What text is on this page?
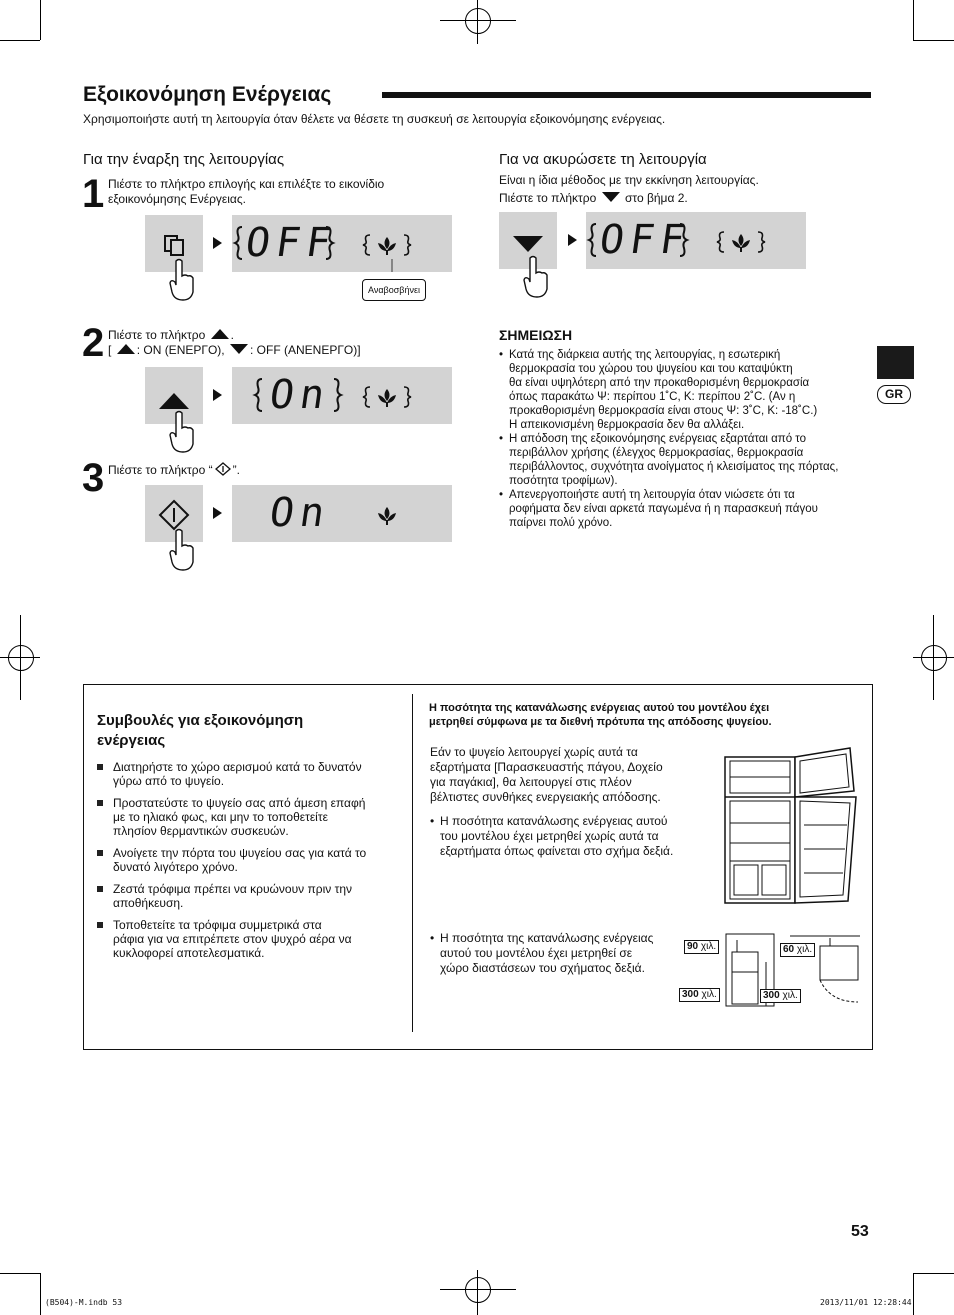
Εξοικονόμηση Ενέργειας
Χρησιμοποιήστε αυτή τη λειτουργία όταν θέλετε να θέσετε τη συσκευή σε λειτουργία εξοικονόμησης ενέργειας.
Για την έναρξη της λειτουργίας
1 Πιέστε το πλήκτρο επιλογής και επιλέξτε το εικονίδιο
εξοικονόμησης Ενέργειας.
OFF
Αναβοσβήνει
2 Πιέστε το πλήκτρο .
[ : ON (ΕΝΕΡΓΟ), : OFF (ΑΝΕΝΕΡΓΟ)]
On
3 Πιέστε το πλήκτρο “ ”.
On
Για να ακυρώσετε τη λειτουργία
Είναι η ίδια μέθοδος με την εκκίνηση λειτουργίας.
Πιέστε το πλήκτρο στο βήμα 2.
OFF
ΣΗΜΕΙΩΣΗ
• Κατά της διάρκεια αυτής της λειτουργίας, η εσωτερική
θερμοκρασία του χώρου του ψυγείου και του καταψύκτη
θα είναι υψηλότερη από την προκαθορισμένη θερμοκρασία
όπως παρακάτω Ψ: περίπου 1˚C, Κ: περίπου 2˚C. (Αν η
προκαθορισμένη θερμοκρασία είναι στους Ψ: 3˚C, Κ: -18˚C.)
Η απεικονισμένη θερμοκρασία δεν θα αλλάξει.
• Η απόδοση της εξοικονόμησης ενέργειας εξαρτάται από το
περιβάλλον χρήσης (έλεγχος θερμοκρασίας, θερμοκρασία
περιβάλλοντος, συχνότητα ανοίγματος ή κλεισίματος της πόρτας,
ποσότητα τροφίμων).
• Απενεργοποιήστε αυτή τη λειτουργία όταν νιώσετε ότι τα
ροφήματα δεν είναι αρκετά παγωμένα ή η παρασκευή πάγου
παίρνει πολύ χρόνο.
GR
Συμβουλές για εξοικονόμηση
ενέργειας
Διατηρήστε το χώρο αερισμού κατά το δυνατόν
γύρω από το ψυγείο.
Προστατεύστε το ψυγείο σας από άμεση επαφή
με το ηλιακό φως, και μην το τοποθετείτε
πλησίον θερμαντικών συσκευών.
Ανοίγετε την πόρτα του ψυγείου σας για κατά το
δυνατό λιγότερο χρόνο.
Ζεστά τρόφιμα πρέπει να κρυώνουν πριν την
αποθήκευση.
Τοποθετείτε τα τρόφιμα συμμετρικά στα
ράφια για να επιτρέπετε στον ψυχρό αέρα να
κυκλοφορεί αποτελεσματικά.
Η ποσότητα της κατανάλωσης ενέργειας αυτού του μοντέλου έχει
μετρηθεί σύμφωνα με τα διεθνή πρότυπα της απόδοσης ψυγείου.
Εάν το ψυγείο λειτουργεί χωρίς αυτά τα
εξαρτήματα [Παρασκευαστής πάγου, Δοχείο
για παγάκια], θα λειτουργεί στις πλέον
βέλτιστες συνθήκες ενεργειακής απόδοσης.
• Η ποσότητα κατανάλωσης ενέργειας αυτού
του μοντέλου έχει μετρηθεί χωρίς αυτά τα
εξαρτήματα όπως φαίνεται στο σχήμα δεξιά.
• Η ποσότητα της κατανάλωσης ενέργειας
αυτού του μοντέλου έχει μετρηθεί σε
χώρο διαστάσεων του σχήματος δεξιά.
90 χιλ.	60 χιλ.
300 χιλ.	300 χιλ.
53
(B504)-M.indb 53	2013/11/01 12:28:44
